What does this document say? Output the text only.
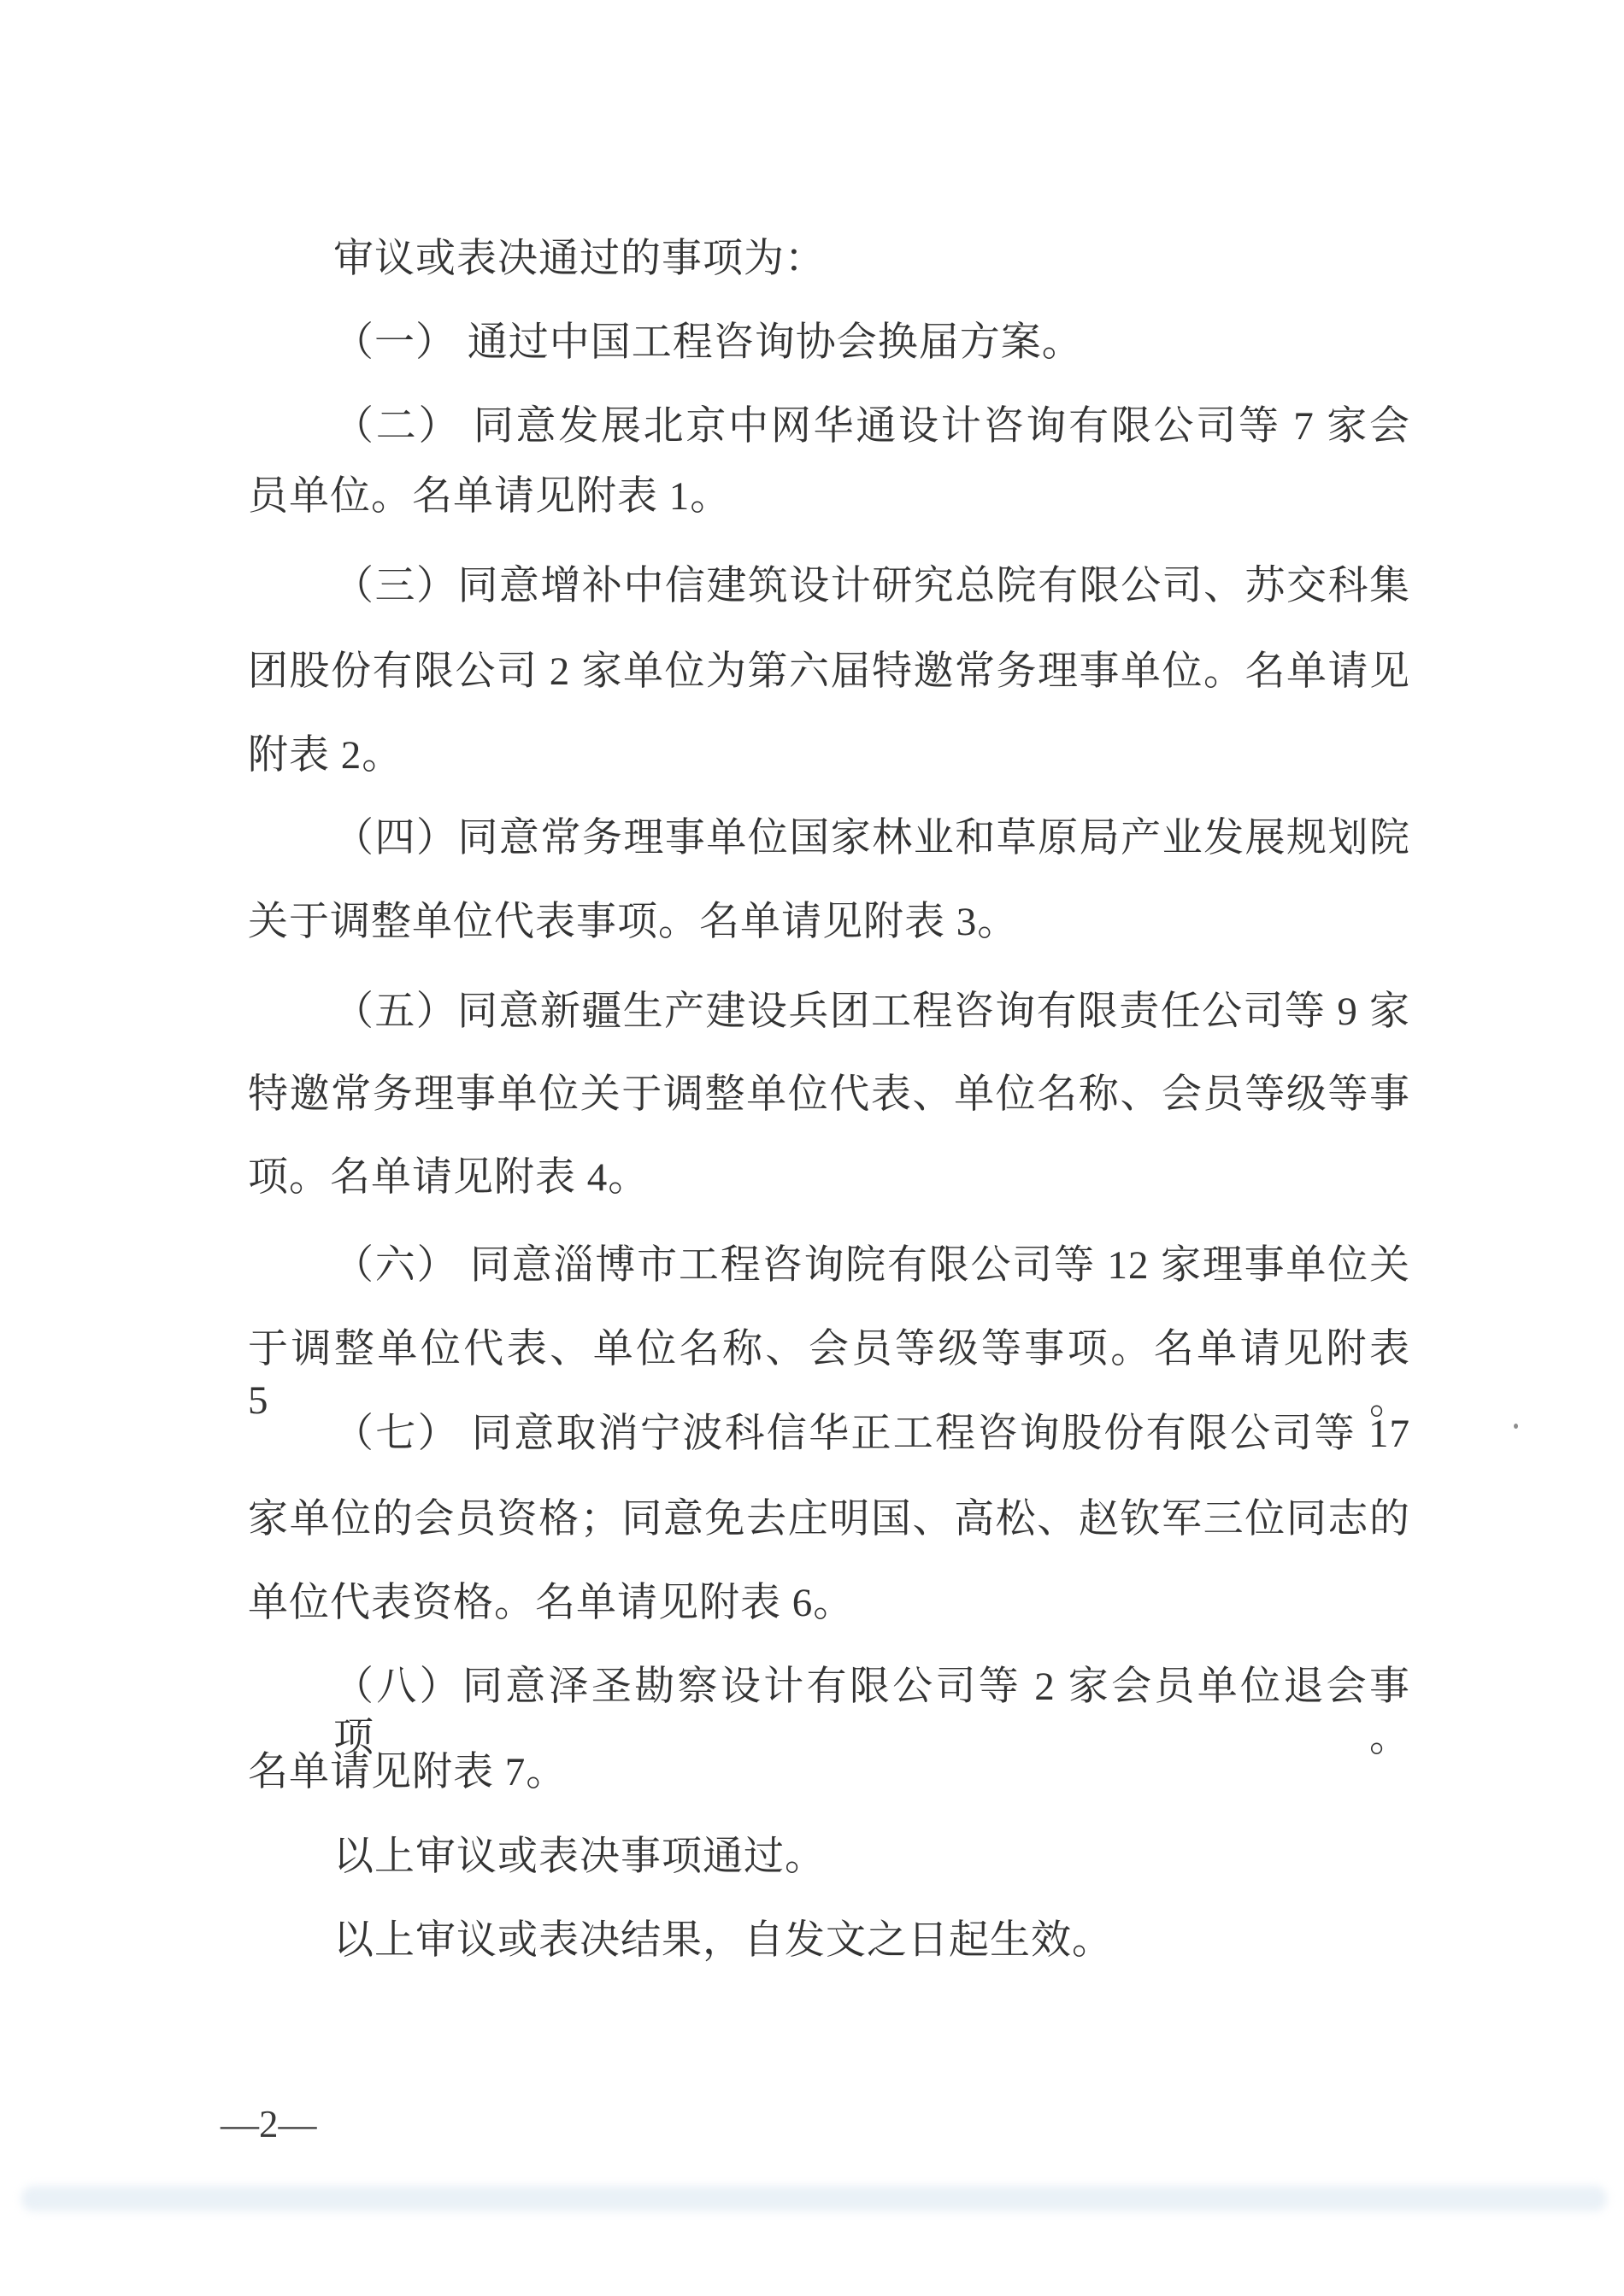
审议或表决通过的事项为：
（一） 通过中国工程咨询协会换届方案。
（二） 同意发展北京中网华通设计咨询有限公司等 7 家会
员单位。名单请见附表 1。
（三）同意增补中信建筑设计研究总院有限公司、苏交科集
团股份有限公司 2 家单位为第六届特邀常务理事单位。名单请见
附表 2。
（四）同意常务理事单位国家林业和草原局产业发展规划院
关于调整单位代表事项。名单请见附表 3。
（五）同意新疆生产建设兵团工程咨询有限责任公司等 9 家
特邀常务理事单位关于调整单位代表、单位名称、会员等级等事
项。名单请见附表 4。
（六） 同意淄博市工程咨询院有限公司等 12 家理事单位关
于调整单位代表、单位名称、会员等级等事项。名单请见附表 5。
（七） 同意取消宁波科信华正工程咨询股份有限公司等 17
家单位的会员资格；同意免去庄明国、高松、赵钦军三位同志的
单位代表资格。名单请见附表 6。
（八）同意泽圣勘察设计有限公司等 2 家会员单位退会事项。
名单请见附表 7。
以上审议或表决事项通过。
以上审议或表决结果，自发文之日起生效。
—2—
